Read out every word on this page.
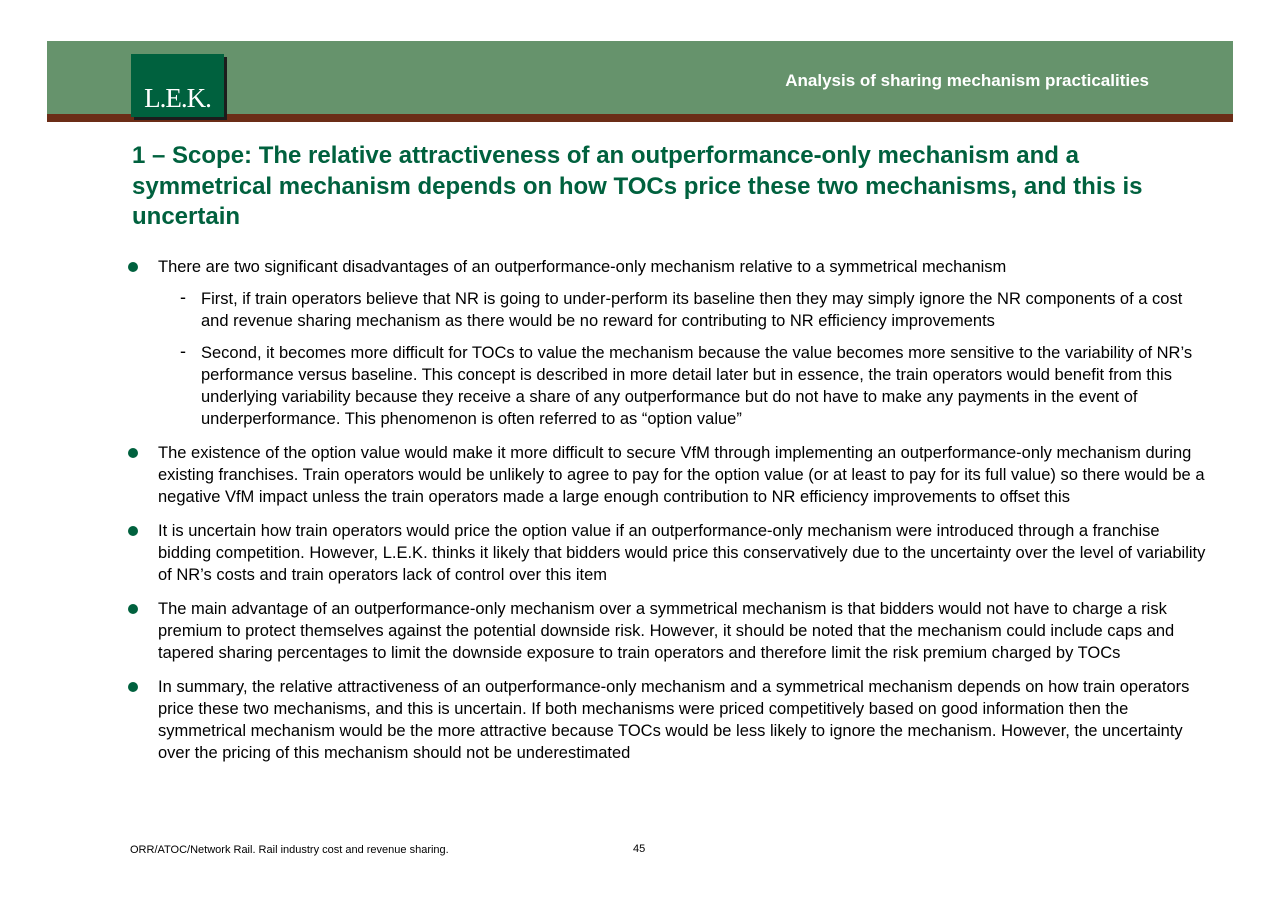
L.E.K.
Analysis of sharing mechanism practicalities
1 – Scope: The relative attractiveness of an outperformance-only mechanism and a symmetrical mechanism depends on how TOCs price these two mechanisms, and this is uncertain
There are two significant disadvantages of an outperformance-only mechanism relative to a symmetrical mechanism
- First, if train operators believe that NR is going to under-perform its baseline then they may simply ignore the NR components of a cost and revenue sharing mechanism as there would be no reward for contributing to NR efficiency improvements
- Second, it becomes more difficult for TOCs to value the mechanism because the value becomes more sensitive to the variability of NR’s performance versus baseline. This concept is described in more detail later but in essence, the train operators would benefit from this underlying variability because they receive a share of any outperformance but do not have to make any payments in the event of underperformance. This phenomenon is often referred to as “option value”
The existence of the option value would make it more difficult to secure VfM through implementing an outperformance-only mechanism during existing franchises. Train operators would be unlikely to agree to pay for the option value (or at least to pay for its full value) so there would be a negative VfM impact unless the train operators made a large enough contribution to NR efficiency improvements to offset this
It is uncertain how train operators would price the option value if an outperformance-only mechanism were introduced through a franchise bidding competition. However, L.E.K. thinks it likely that bidders would price this conservatively due to the uncertainty over the level of variability of NR’s costs and train operators lack of control over this item
The main advantage of an outperformance-only mechanism over a symmetrical mechanism is that bidders would not have to charge a risk premium to protect themselves against the potential downside risk. However, it should be noted that the mechanism could include caps and tapered sharing percentages to limit the downside exposure to train operators and therefore limit the risk premium charged by TOCs
In summary, the relative attractiveness of an outperformance-only mechanism and a symmetrical mechanism depends on how train operators price these two mechanisms, and this is uncertain. If both mechanisms were priced competitively based on good information then the symmetrical mechanism would be the more attractive because TOCs would be less likely to ignore the mechanism. However, the uncertainty over the pricing of this mechanism should not be underestimated
ORR/ATOC/Network Rail. Rail industry cost and revenue sharing.	45
